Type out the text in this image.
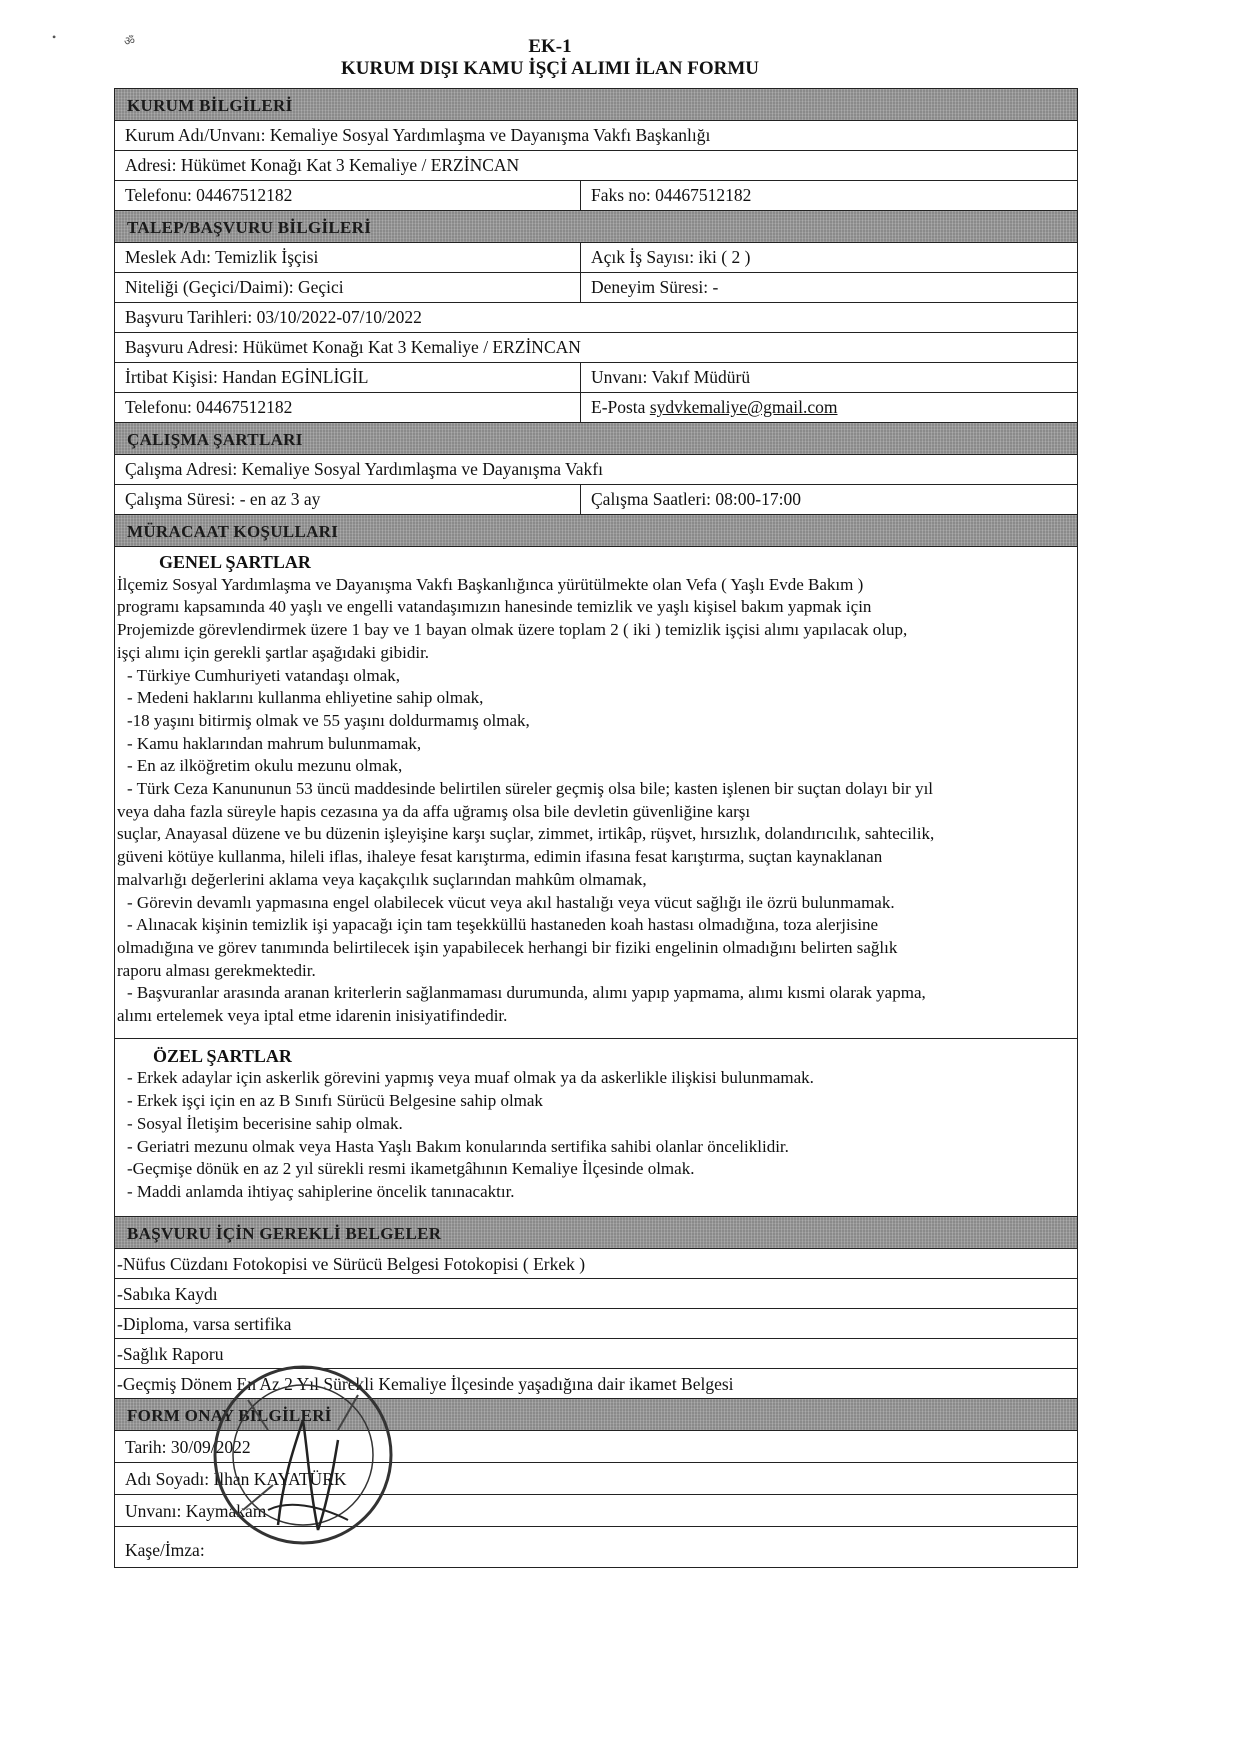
EK-1
KURUM DIŞI KAMU İŞÇİ ALIMI İLAN FORMU
KURUM BİLGİLERİ
Kurum Adı/Unvanı: Kemaliye Sosyal Yardımlaşma ve Dayanışma Vakfı Başkanlığı
Adresi: Hükümet Konağı Kat 3 Kemaliye / ERZİNCAN
Telefonu: 04467512182	Faks no: 04467512182
TALEP/BAŞVURU BİLGİLERİ
Meslek Adı: Temizlik İşçisi	Açık İş Sayısı: iki ( 2 )
Niteliği (Geçici/Daimi): Geçici	Deneyim Süresi: -
Başvuru Tarihleri: 03/10/2022-07/10/2022
Başvuru Adresi: Hükümet Konağı Kat 3 Kemaliye / ERZİNCAN
İrtibat Kişisi: Handan EGİNLİGİL	Unvanı: Vakıf Müdürü
Telefonu: 04467512182	E-Posta sydvkemaliye@gmail.com
ÇALIŞMA ŞARTLARI
Çalışma Adresi: Kemaliye Sosyal Yardımlaşma ve Dayanışma Vakfı
Çalışma Süresi: - en az 3 ay	Çalışma Saatleri: 08:00-17:00
MÜRACAAT KOŞULLARI
GENEL ŞARTLAR

İlçemiz Sosyal Yardımlaşma ve Dayanışma Vakfı Başkanlığınca yürütülmekte olan Vefa ( Yaşlı Evde Bakım )

programı kapsamında 40 yaşlı ve engelli vatandaşımızın hanesinde temizlik ve yaşlı kişisel bakım yapmak için

Projemizde görevlendirmek üzere 1 bay ve 1 bayan olmak üzere toplam 2 ( iki ) temizlik işçisi alımı yapılacak olup,

işçi alımı için gerekli şartlar aşağıdaki gibidir.

- Türkiye Cumhuriyeti vatandaşı olmak,

- Medeni haklarını kullanma ehliyetine sahip olmak,

-18 yaşını bitirmiş olmak ve 55 yaşını doldurmamış olmak,

- Kamu haklarından mahrum bulunmamak,

- En az ilköğretim okulu mezunu olmak,

- Türk Ceza Kanununun 53 üncü maddesinde belirtilen süreler geçmiş olsa bile; kasten işlenen bir suçtan dolayı bir yıl

veya daha fazla süreyle hapis cezasına ya da affa uğramış olsa bile devletin güvenliğine karşı

suçlar, Anayasal düzene ve bu düzenin işleyişine karşı suçlar, zimmet, irtikâp, rüşvet, hırsızlık, dolandırıcılık, sahtecilik,

güveni kötüye kullanma, hileli iflas, ihaleye fesat karıştırma, edimin ifasına fesat karıştırma, suçtan kaynaklanan

malvarlığı değerlerini aklama veya kaçakçılık suçlarından mahkûm olmamak,

- Görevin devamlı yapmasına engel olabilecek vücut veya akıl hastalığı veya vücut sağlığı ile özrü bulunmamak.

- Alınacak kişinin temizlik işi yapacağı için tam teşekküllü hastaneden koah hastası olmadığına, toza alerjisine

olmadığına ve görev tanımında belirtilecek işin yapabilecek herhangi bir fiziki engelinin olmadığını belirten sağlık

raporu alması gerekmektedir.

- Başvuranlar arasında aranan kriterlerin sağlanmaması durumunda, alımı yapıp yapmama, alımı kısmi olarak yapma,

alımı ertelemek veya iptal etme idarenin inisiyatifindedir.

ÖZEL ŞARTLAR

- Erkek adaylar için askerlik görevini yapmış veya muaf olmak ya da askerlikle ilişkisi bulunmamak.

- Erkek işçi için en az B Sınıfı Sürücü Belgesine sahip olmak

- Sosyal İletişim becerisine sahip olmak.

- Geriatri mezunu olmak veya Hasta Yaşlı Bakım konularında sertifika sahibi olanlar önceliklidir.

-Geçmişe dönük en az 2 yıl sürekli resmi ikametgâhının Kemaliye İlçesinde olmak.

- Maddi anlamda ihtiyaç sahiplerine öncelik tanınacaktır.

BAŞVURU İÇİN GEREKLİ BELGELER
-Nüfus Cüzdanı Fotokopisi ve Sürücü Belgesi Fotokopisi ( Erkek )
-Sabıka Kaydı
-Diploma, varsa sertifika
-Sağlık Raporu
-Geçmiş Dönem En Az 2 Yıl Sürekli Kemaliye İlçesinde yaşadığına dair ikamet Belgesi
FORM ONAY BİLGİLERİ
Tarih: 30/09/2022
Adı Soyadı: İlhan KAYATÜRK
Unvanı: Kaymakam
Kaşe/İmza:
•	ॐ
